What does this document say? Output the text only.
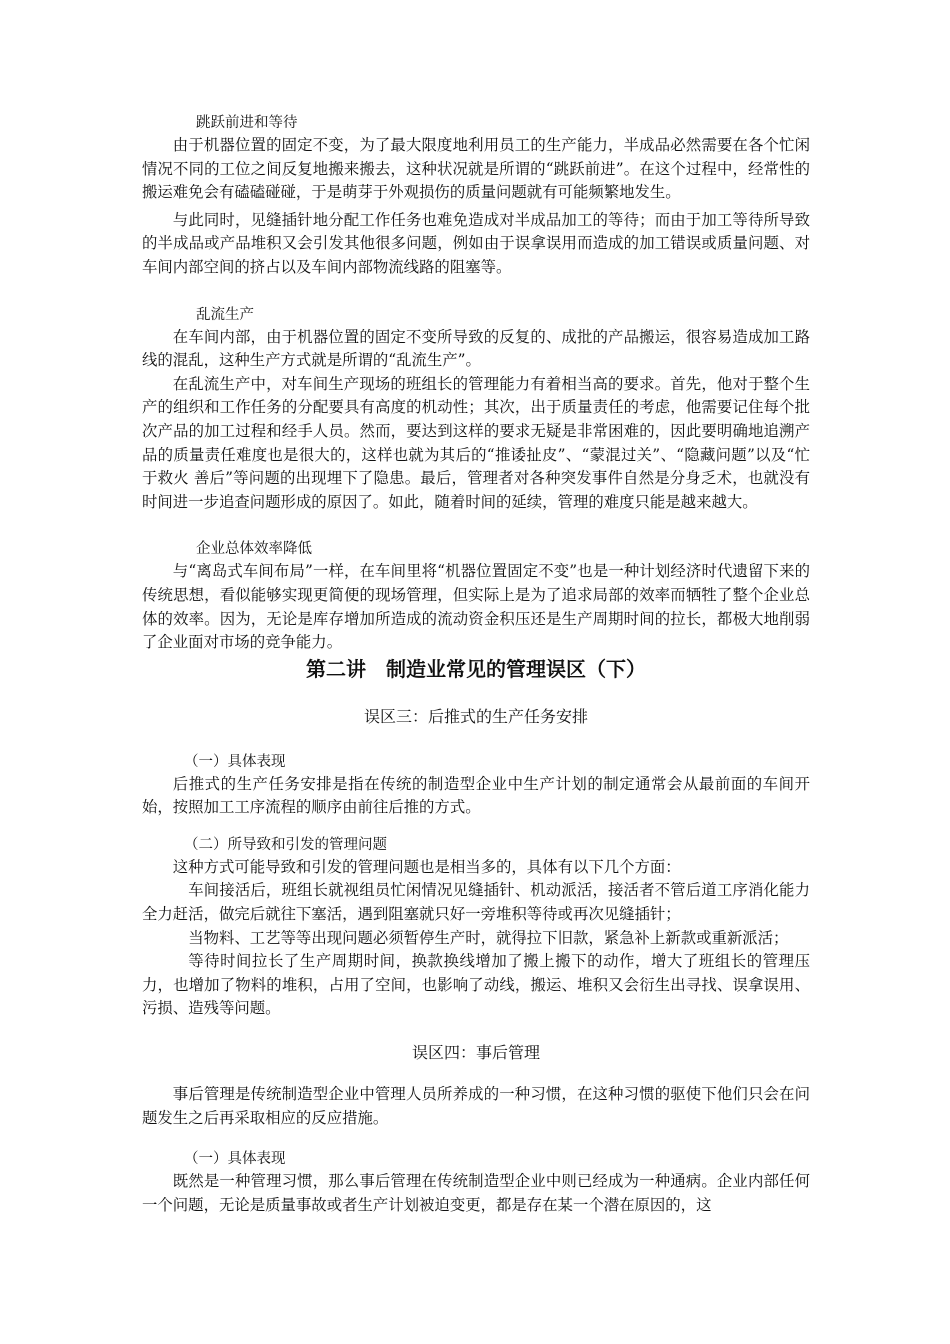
跳跃前进和等待

由于机器位置的固定不变，为了最大限度地利用员工的生产能力，半成品必然需要在各个忙闲情况不同的工位之间反复地搬来搬去，这种状况就是所谓的“跳跃前进”。在这个过程中，经常性的搬运难免会有磕磕碰碰，于是萌芽于外观损伤的质量问题就有可能频繁地发生。

与此同时，见缝插针地分配工作任务也难免造成对半成品加工的等待；而由于加工等待所导致的半成品或产品堆积又会引发其他很多问题，例如由于误拿误用而造成的加工错误或质量问题、对车间内部空间的挤占以及车间内部物流线路的阻塞等。

乱流生产

在车间内部，由于机器位置的固定不变所导致的反复的、成批的产品搬运，很容易造成加工路线的混乱，这种生产方式就是所谓的“乱流生产”。

在乱流生产中，对车间生产现场的班组长的管理能力有着相当高的要求。首先，他对于整个生产的组织和工作任务的分配要具有高度的机动性；其次，出于质量责任的考虑，他需要记住每个批次产品的加工过程和经手人员。然而，要达到这样的要求无疑是非常困难的，因此要明确地追溯产品的质量责任难度也是很大的，这样也就为其后的“推诿扯皮”、“蒙混过关”、“隐藏问题”以及“忙于救火 善后”等问题的出现埋下了隐患。最后，管理者对各种突发事件自然是分身乏术，也就没有时间进一步追查问题形成的原因了。如此，随着时间的延续，管理的难度只能是越来越大。

企业总体效率降低

与“离岛式车间布局”一样，在车间里将“机器位置固定不变”也是一种计划经济时代遗留下来的传统思想，看似能够实现更简便的现场管理，但实际上是为了追求局部的效率而牺牲了整个企业总体的效率。因为，无论是库存增加所造成的流动资金积压还是生产周期时间的拉长，都极大地削弱了企业面对市场的竞争能力。

第二讲　制造业常见的管理误区（下）
误区三：后推式的生产任务安排
（一）具体表现

后推式的生产任务安排是指在传统的制造型企业中生产计划的制定通常会从最前面的车间开始，按照加工工序流程的顺序由前往后推的方式。

（二）所导致和引发的管理问题

这种方式可能导致和引发的管理问题也是相当多的，具体有以下几个方面：

车间接活后，班组长就视组员忙闲情况见缝插针、机动派活，接活者不管后道工序消化能力全力赶活，做完后就往下塞活，遇到阻塞就只好一旁堆积等待或再次见缝插针；

当物料、工艺等等出现问题必须暂停生产时，就得拉下旧款，紧急补上新款或重新派活；

等待时间拉长了生产周期时间，换款换线增加了搬上搬下的动作，增大了班组长的管理压力，也增加了物料的堆积，占用了空间，也影响了动线，搬运、堆积又会衍生出寻找、误拿误用、污损、造残等问题。

误区四：事后管理

事后管理是传统制造型企业中管理人员所养成的一种习惯，在这种习惯的驱使下他们只会在问题发生之后再采取相应的反应措施。

（一）具体表现

既然是一种管理习惯，那么事后管理在传统制造型企业中则已经成为一种通病。企业内部任何一个问题，无论是质量事故或者生产计划被迫变更，都是存在某一个潜在原因的，这
